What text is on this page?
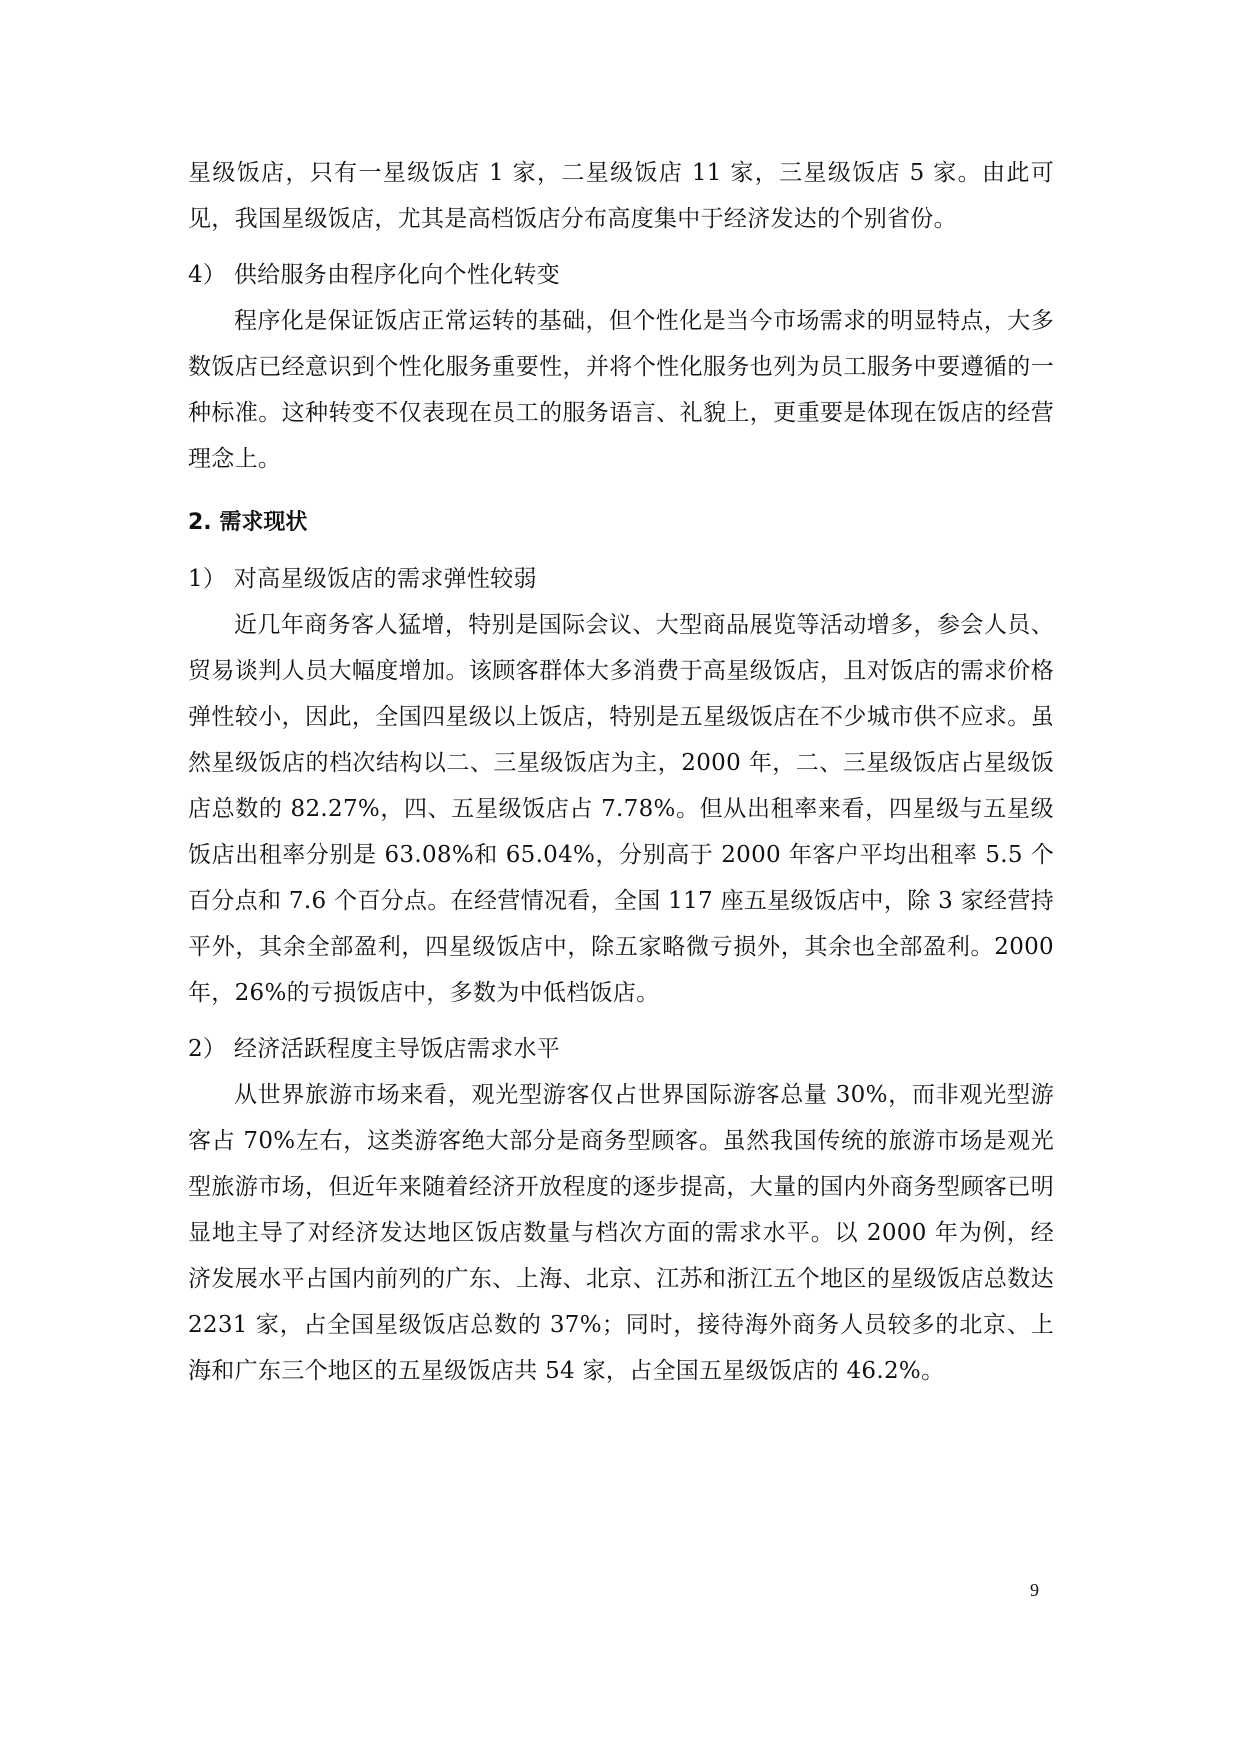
星级饭店，只有一星级饭店 1 家，二星级饭店 11 家，三星级饭店 5 家。由此可见，我国星级饭店，尤其是高档饭店分布高度集中于经济发达的个别省份。

4） 供给服务由程序化向个性化转变

程序化是保证饭店正常运转的基础，但个性化是当今市场需求的明显特点，大多数饭店已经意识到个性化服务重要性，并将个性化服务也列为员工服务中要遵循的一种标准。这种转变不仅表现在员工的服务语言、礼貌上，更重要是体现在饭店的经营理念上。

2. 需求现状

1） 对高星级饭店的需求弹性较弱

近几年商务客人猛增，特别是国际会议、大型商品展览等活动增多，参会人员、贸易谈判人员大幅度增加。该顾客群体大多消费于高星级饭店，且对饭店的需求价格弹性较小，因此，全国四星级以上饭店，特别是五星级饭店在不少城市供不应求。虽然星级饭店的档次结构以二、三星级饭店为主，2000 年，二、三星级饭店占星级饭店总数的 82.27%，四、五星级饭店占 7.78%。但从出租率来看，四星级与五星级饭店出租率分别是 63.08%和 65.04%，分别高于 2000 年客户平均出租率 5.5 个百分点和 7.6 个百分点。在经营情况看，全国 117 座五星级饭店中，除 3 家经营持平外，其余全部盈利，四星级饭店中，除五家略微亏损外，其余也全部盈利。2000 年，26%的亏损饭店中，多数为中低档饭店。

2） 经济活跃程度主导饭店需求水平

从世界旅游市场来看，观光型游客仅占世界国际游客总量 30%，而非观光型游客占 70%左右，这类游客绝大部分是商务型顾客。虽然我国传统的旅游市场是观光型旅游市场，但近年来随着经济开放程度的逐步提高，大量的国内外商务型顾客已明显地主导了对经济发达地区饭店数量与档次方面的需求水平。以 2000 年为例，经济发展水平占国内前列的广东、上海、北京、江苏和浙江五个地区的星级饭店总数达 2231 家，占全国星级饭店总数的 37%；同时，接待海外商务人员较多的北京、上海和广东三个地区的五星级饭店共 54 家，占全国五星级饭店的 46.2%。

9
